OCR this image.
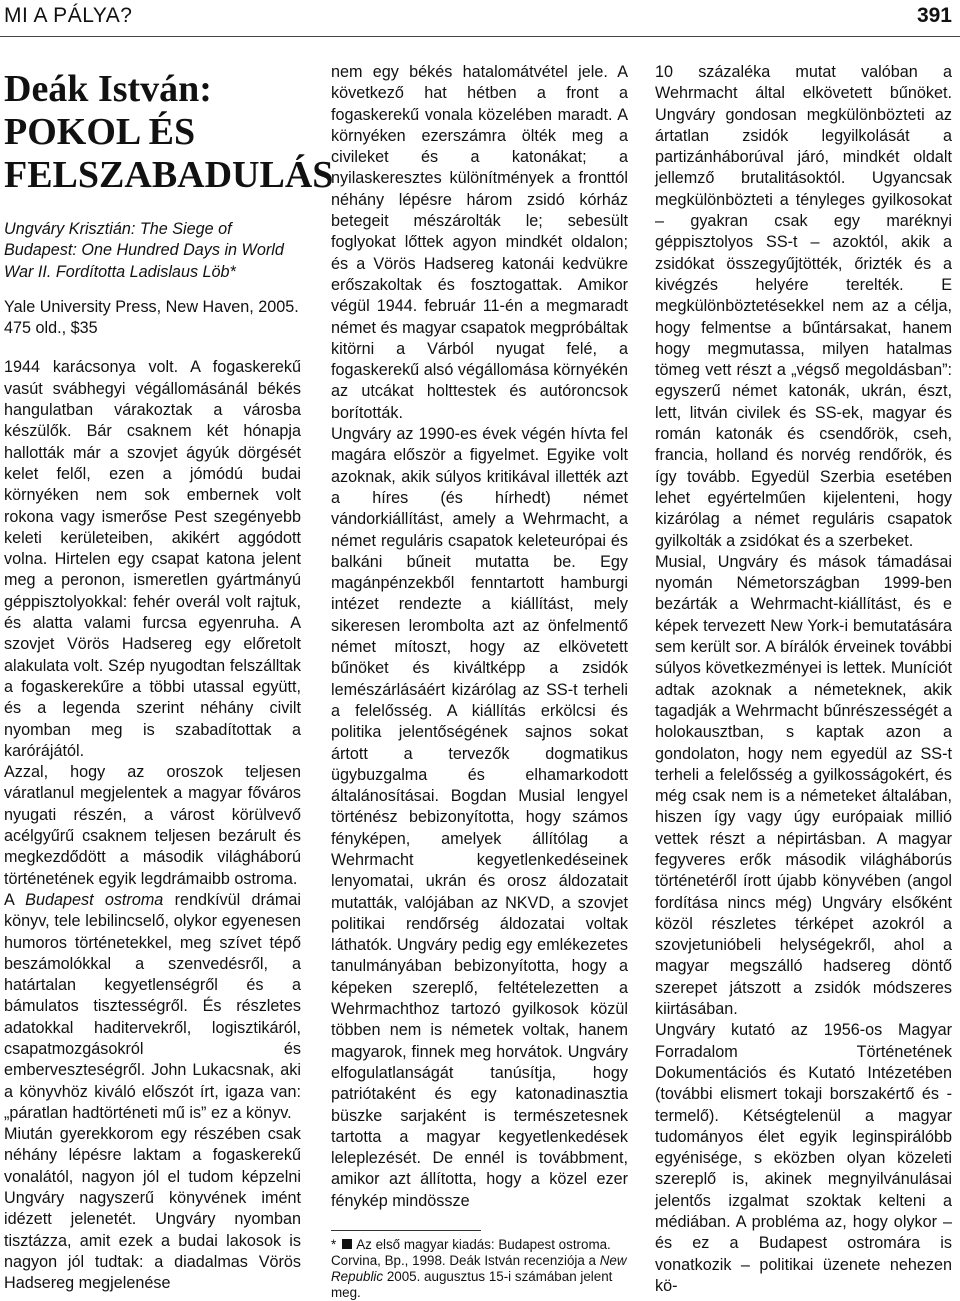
MI A PÁLYA?	391
Deák István:
POKOL ÉS
FELSZABADULÁS

Ungváry Krisztián: The Siege of Budapest: One Hundred Days in World War II. Fordította Ladislaus Löb*

Yale University Press, New Haven, 2005. 475 old., $35

1944 karácsonya volt. A fogaskerekű vasút svábhegyi végállomásánál békés hangulatban várakoztak a városba készülők. Bár csaknem két hónapja hallották már a szovjet ágyúk dörgését kelet felől, ezen a jómódú budai környéken nem sok embernek volt rokona vagy ismerőse Pest szegényebb keleti kerületeiben, akikért aggódott volna. Hirtelen egy csapat katona jelent meg a peronon, ismeretlen gyártmányú géppisztolyokkal: fehér overál volt rajtuk, és alatta valami furcsa egyenruha. A szovjet Vörös Hadsereg egy előretolt alakulata volt. Szép nyugodtan felszálltak a fogaskerekűre a többi utassal együtt, és a legenda szerint néhány civilt nyomban meg is szabadítottak a karórájától.

Azzal, hogy az oroszok teljesen váratlanul megjelentek a magyar főváros nyugati részén, a várost körülvevő acélgyűrű csaknem teljesen bezárult és megkezdődött a második világháború történetének egyik legdrámaibb ostroma.

A Budapest ostroma rendkívül drámai könyv, tele lebilincselő, olykor egyenesen humoros történetekkel, meg szívet tépő beszámolókkal a szenvedésről, a határtalan kegyetlenségről és a bámulatos tisztességről. És részletes adatokkal haditervekről, logisztikáról, csapatmozgásokról és emberveszteségről. John Lukacsnak, aki a könyvhöz kiváló előszót írt, igaza van: „páratlan hadtörténeti mű is” ez a könyv.

Miután gyerekkorom egy részében csak néhány lépésre laktam a fogaskerekű vonalától, nagyon jól el tudom képzelni Ungváry nagyszerű könyvének imént idézett jelenetét. Ungváry nyomban tisztázza, amit ezek a budai lakosok is nagyon jól tudtak: a diadalmas Vörös Hadsereg megjelenése

nem egy békés hatalomátvétel jele. A következő hat hétben a front a fogaskerekű vonala közelében maradt. A környéken ezerszámra ölték meg a civileket és a katonákat; a nyilaskeresztes különítmények a fronttól néhány lépésre három zsidó kórház betegeit mészárolták le; sebesült foglyokat lőttek agyon mindkét oldalon; és a Vörös Hadsereg katonái kedvükre erőszakoltak és fosztogattak. Amikor végül 1944. február 11-én a megmaradt német és magyar csapatok megpróbáltak kitörni a Várból nyugat felé, a fogaskerekű alsó végállomása környékén az utcákat holttestek és autóroncsok borították.

Ungváry az 1990-es évek végén hívta fel magára először a figyelmet. Egyike volt azoknak, akik súlyos kritikával illették azt a híres (és hírhedt) német vándorkiállítást, amely a Wehrmacht, a német reguláris csapatok keleteurópai és balkáni bűneit mutatta be. Egy magánpénzekből fenntartott hamburgi intézet rendezte a kiállítást, mely sikeresen lerombolta azt az önfelmentő német mítoszt, hogy az elkövetett bűnöket és kiváltképp a zsidók lemészárlásáért kizárólag az SS-t terheli a felelősség. A kiállítás erkölcsi és politika jelentőségének sajnos sokat ártott a tervezők dogmatikus ügybuzgalma és elhamarkodott általánosításai. Bogdan Musial lengyel történész bebizonyította, hogy számos fényképen, amelyek állítólag a Wehrmacht kegyetlenkedéseinek lenyomatai, ukrán és orosz áldozatait mutatták, valójában az NKVD, a szovjet politikai rendőrség áldozatai voltak láthatók. Ungváry pedig egy emlékezetes tanulmányában bebizonyította, hogy a képeken szereplő, feltételezetten a Wehrmachthoz tartozó gyilkosok közül többen nem is németek voltak, hanem magyarok, finnek meg horvátok. Ungváry elfogulatlanságát tanúsítja, hogy patriótaként és egy katonadinasztia büszke sarjaként is természetesnek tartotta a magyar kegyetlenkedések leleplezését. De ennél is továbbment, amikor azt állította, hogy a közel ezer fénykép mindössze

* Az első magyar kiadás: Budapest ostroma. Corvina, Bp., 1998. Deák István recenziója a New Republic 2005. augusztus 15-i számában jelent meg.

10 százaléka mutat valóban a Wehrmacht által elkövetett bűnöket. Ungváry gondosan megkülönbözteti az ártatlan zsidók legyilkolását a partizánháborúval járó, mindkét oldalt jellemző brutalitásoktól. Ugyancsak megkülönbözteti a tényleges gyilkosokat – gyakran csak egy maréknyi géppisztolyos SS-t – azoktól, akik a zsidókat összegyűjtötték, őrizték és a kivégzés helyére terelték. E megkülönböztetésekkel nem az a célja, hogy felmentse a bűntársakat, hanem hogy megmutassa, milyen hatalmas tömeg vett részt a „végső megoldásban”: egyszerű német katonák, ukrán, észt, lett, litván civilek és SS-ek, magyar és román katonák és csendőrök, cseh, francia, holland és norvég rendőrök, és így tovább. Egyedül Szerbia esetében lehet egyértelműen kijelenteni, hogy kizárólag a német reguláris csapatok gyilkolták a zsidókat és a szerbeket.

Musial, Ungváry és mások támadásai nyomán Németországban 1999-ben bezárták a Wehrmacht-kiállítást, és e képek tervezett New York-i bemutatására sem került sor. A bírálók érveinek további súlyos következményei is lettek. Muníciót adtak azoknak a németeknek, akik tagadják a Wehrmacht bűnrészességét a holokausztban, s kaptak azon a gondolaton, hogy nem egyedül az SS-t terheli a felelősség a gyilkosságokért, és még csak nem is a németeket általában, hiszen így vagy úgy európaiak millió vettek részt a népirtásban. A magyar fegyveres erők második világháborús történetéről írott újabb könyvében (angol fordítása nincs még) Ungváry elsőként közöl részletes térképet azokról a szovjetunióbeli helységekről, ahol a magyar megszálló hadsereg döntő szerepet játszott a zsidók módszeres kiirtásában.

Ungváry kutató az 1956-os Magyar Forradalom Történetének Dokumentációs és Kutató Intézetében (további elismert tokaji borszakértő és -termelő). Kétségtelenül a magyar tudományos élet egyik leginspirálóbb egyénisége, s eközben olyan közeleti szereplő is, akinek megnyilvánulásai jelentős izgalmat szoktak kelteni a médiában. A probléma az, hogy olykor – és ez a Budapest ostromára is vonatkozik – politikai üzenete nehezen kö-
